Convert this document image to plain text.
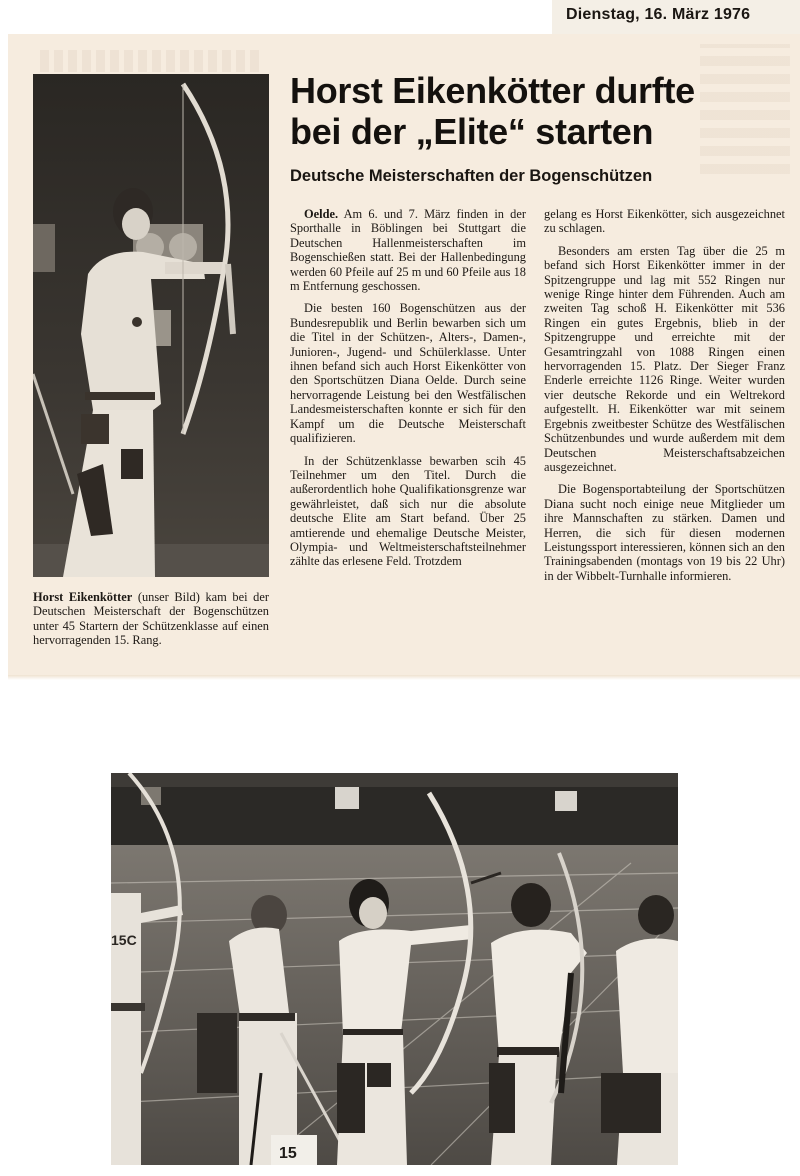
Dienstag, 16. März 1976
Horst Eikenkötter durfte
bei der „Elite“ starten
Deutsche Meisterschaften der Bogenschützen

Oelde. Am 6. und 7. März finden in der Sporthalle in Böblingen bei Stuttgart die Deutschen Hallenmeisterschaften im Bogenschießen statt. Bei der Hallenbedingung werden 60 Pfeile auf 25 m und 60 Pfeile aus 18 m Entfernung geschossen.

Die besten 160 Bogenschützen aus der Bundesrepublik und Berlin bewarben sich um die Titel in der Schützen-, Alters-, Damen-, Junioren-, Jugend- und Schülerklasse. Unter ihnen befand sich auch Horst Eikenkötter von den Sportschützen Diana Oelde. Durch seine hervorragende Leistung bei den Westfälischen Landesmeisterschaften konnte er sich für den Kampf um die Deutsche Meisterschaft qualifizieren.

In der Schützenklasse bewarben scih 45 Teilnehmer um den Titel. Durch die außerordentlich hohe Qualifikationsgrenze war gewährleistet, daß sich nur die absolute deutsche Elite am Start befand. Über 25 amtierende und ehemalige Deutsche Meister, Olympia- und Weltmeisterschaftsteilnehmer zählte das erlesene Feld. Trotzdem

gelang es Horst Eikenkötter, sich ausgezeichnet zu schlagen.

Besonders am ersten Tag über die 25 m befand sich Horst Eikenkötter immer in der Spitzengruppe und lag mit 552 Ringen nur wenige Ringe hinter dem Führenden. Auch am zweiten Tag schoß H. Eikenkötter mit 536 Ringen ein gutes Ergebnis, blieb in der Spitzengruppe und erreichte mit der Gesamtringzahl von 1088 Ringen einen hervorragenden 15. Platz. Der Sieger Franz Enderle erreichte 1126 Ringe. Weiter wurden vier deutsche Rekorde und ein Weltrekord aufgestellt. H. Eikenkötter war mit seinem Ergebnis zweitbester Schütze des Westfälischen Schützenbundes und wurde außerdem mit dem Deutschen Meisterschaftsabzeichen ausgezeichnet.

Die Bogensportabteilung der Sportschützen Diana sucht noch einige neue Mitglieder um ihre Mannschaften zu stärken. Damen und Herren, die sich für diesen modernen Leistungssport interessieren, können sich an den Trainingsabenden (montags von 19 bis 22 Uhr) in der Wibbelt-Turnhalle informieren.

Horst Eikenkötter (unser Bild) kam bei der Deutschen Meisterschaft der Bogenschützen unter 45 Startern der Schützenklasse auf einen hervorragenden 15. Rang.
15C
15
